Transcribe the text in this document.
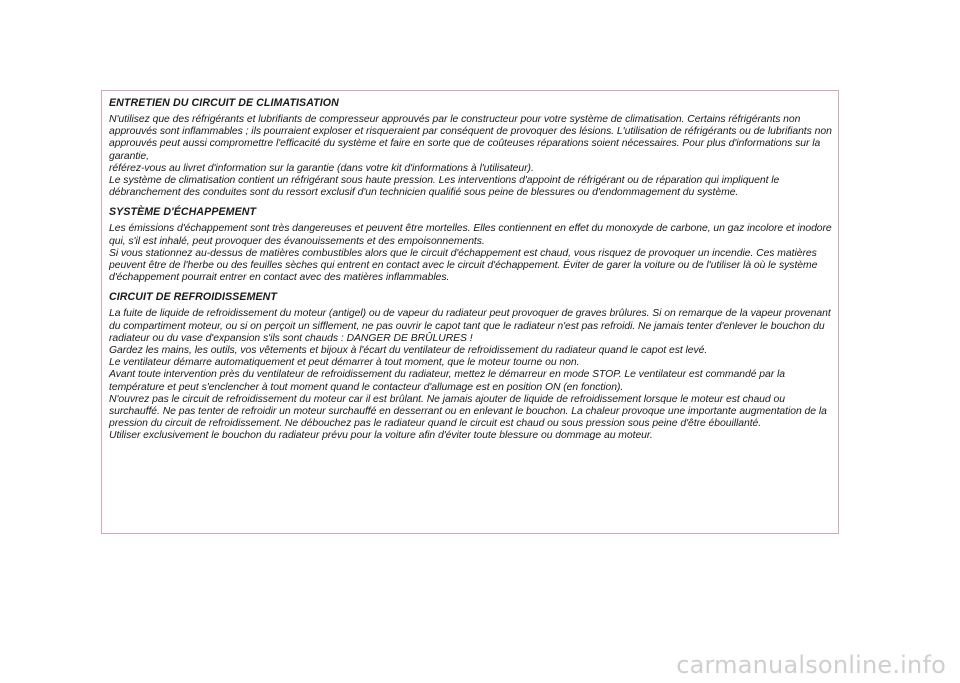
ENTRETIEN DU CIRCUIT DE CLIMATISATION

N'utilisez que des réfrigérants et lubrifiants de compresseur approuvés par le constructeur pour votre système de climatisation. Certains réfrigérants non approuvés sont inflammables ; ils pourraient exploser et risqueraient par conséquent de provoquer des lésions. L'utilisation de réfrigérants ou de lubrifiants non approuvés peut aussi compromettre l'efficacité du système et faire en sorte que de coûteuses réparations soient nécessaires. Pour plus d'informations sur la garantie,

référez-vous au livret d'information sur la garantie (dans votre kit d'informations à l'utilisateur).

Le système de climatisation contient un réfrigérant sous haute pression. Les interventions d'appoint de réfrigérant ou de réparation qui impliquent le débranchement des conduites sont du ressort exclusif d'un technicien qualifié sous peine de blessures ou d'endommagement du système.

SYSTÈME D'ÉCHAPPEMENT

Les émissions d'échappement sont très dangereuses et peuvent être mortelles. Elles contiennent en effet du monoxyde de carbone, un gaz incolore et inodore qui, s'il est inhalé, peut provoquer des évanouissements et des empoisonnements.

Si vous stationnez au-dessus de matières combustibles alors que le circuit d'échappement est chaud, vous risquez de provoquer un incendie. Ces matières peuvent être de l'herbe ou des feuilles sèches qui entrent en contact avec le circuit d'échappement. Éviter de garer la voiture ou de l'utiliser là où le système d'échappement pourrait entrer en contact avec des matières inflammables.

CIRCUIT DE REFROIDISSEMENT

La fuite de liquide de refroidissement du moteur (antigel) ou de vapeur du radiateur peut provoquer de graves brûlures. Si on remarque de la vapeur provenant du compartiment moteur, ou si on perçoit un sifflement, ne pas ouvrir le capot tant que le radiateur n'est pas refroidi. Ne jamais tenter d'enlever le bouchon du radiateur ou du vase d'expansion s'ils sont chauds : DANGER DE BRÛLURES !

Gardez les mains, les outils, vos vêtements et bijoux à l'écart du ventilateur de refroidissement du radiateur quand le capot est levé.

Le ventilateur démarre automatiquement et peut démarrer à tout moment, que le moteur tourne ou non.

Avant toute intervention près du ventilateur de refroidissement du radiateur, mettez le démarreur en mode STOP. Le ventilateur est commandé par la température et peut s'enclencher à tout moment quand le contacteur d'allumage est en position ON (en fonction).

N'ouvrez pas le circuit de refroidissement du moteur car il est brûlant. Ne jamais ajouter de liquide de refroidissement lorsque le moteur est chaud ou surchauffé. Ne pas tenter de refroidir un moteur surchauffé en desserrant ou en enlevant le bouchon. La chaleur provoque une importante augmentation de la pression du circuit de refroidissement. Ne débouchez pas le radiateur quand le circuit est chaud ou sous pression sous peine d'être ébouillanté.

Utiliser exclusivement le bouchon du radiateur prévu pour la voiture afin d'éviter toute blessure ou dommage au moteur.

carmanualsonline.info
